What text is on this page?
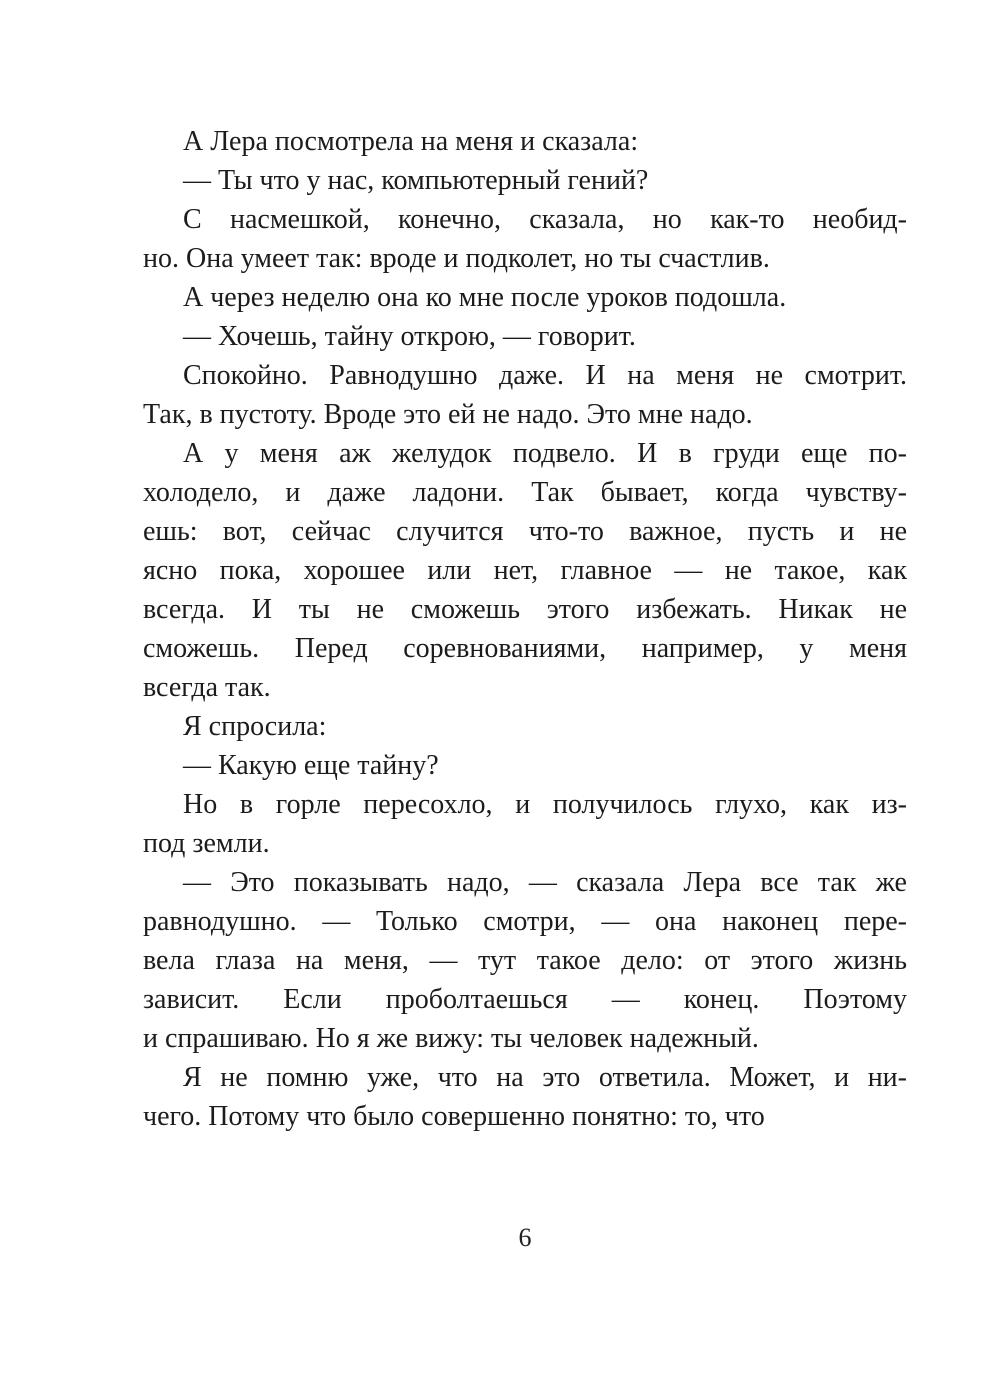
А Лера посмотрела на меня и сказала:

— Ты что у нас, компьютерный гений?

С насмешкой, конечно, сказала, но как-то необид-
но. Она умеет так: вроде и подколет, но ты счастлив.

А через неделю она ко мне после уроков подошла.

— Хочешь, тайну открою, — говорит.

Спокойно. Равнодушно даже. И на меня не смотрит.
Так, в пустоту. Вроде это ей не надо. Это мне надо.

А у меня аж желудок подвело. И в груди еще по-
холодело, и даже ладони. Так бывает, когда чувству-
ешь: вот, сейчас случится что-то важное, пусть и не
ясно пока, хорошее или нет, главное — не такое, как
всегда. И ты не сможешь этого избежать. Никак не
сможешь. Перед соревнованиями, например, у меня
всегда так.

Я спросила:

— Какую еще тайну?

Но в горле пересохло, и получилось глухо, как из-
под земли.

— Это показывать надо, — сказала Лера все так же
равнодушно. — Только смотри, — она наконец пере-
вела глаза на меня, — тут такое дело: от этого жизнь
зависит. Если проболтаешься — конец. Поэтому
и спрашиваю. Но я же вижу: ты человек надежный.

Я не помню уже, что на это ответила. Может, и ни-
чего. Потому что было совершенно понятно: то, что

6
